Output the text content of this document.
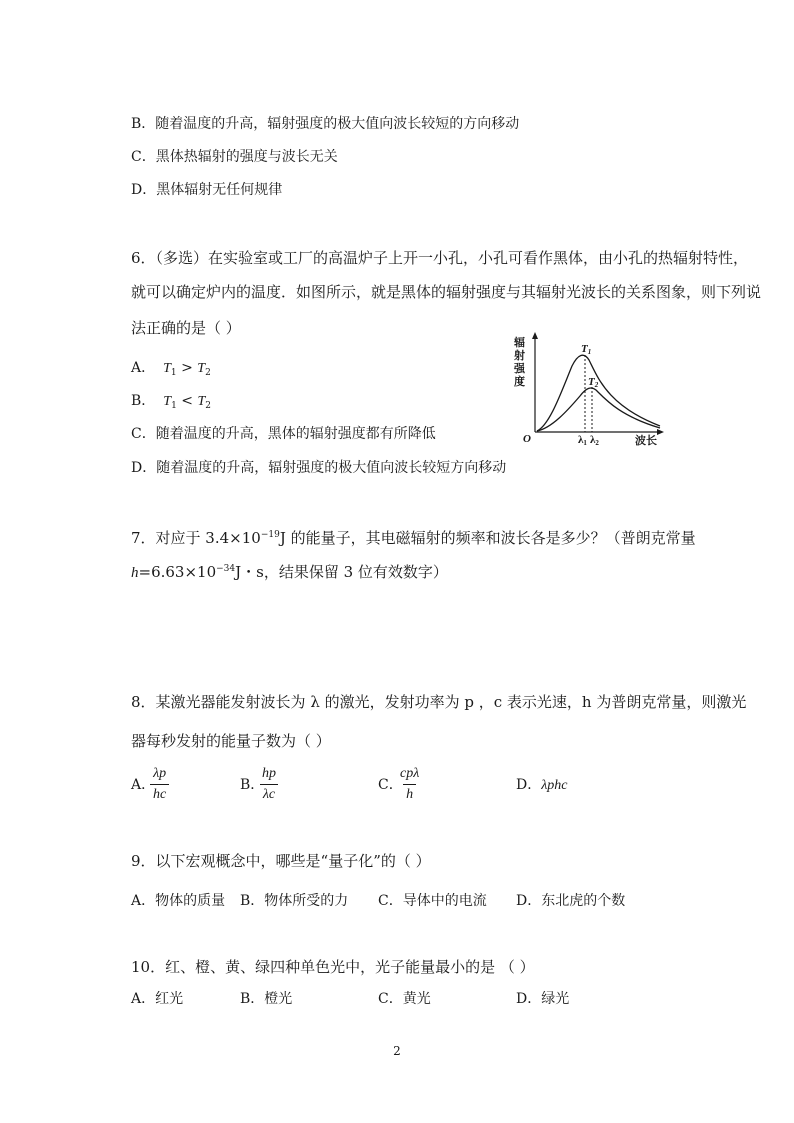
B．随着温度的升高，辐射强度的极大值向波长较短的方向移动
C．黑体热辐射的强度与波长无关
D．黑体辐射无任何规律
6．（多选）在实验室或工厂的高温炉子上开一小孔，小孔可看作黑体，由小孔的热辐射特性，
就可以确定炉内的温度．如图所示，就是黑体的辐射强度与其辐射光波长的关系图象，则下列说
法正确的是（ ）
A． $T_1 > T_2$
B． $T_1 < T_2$
C．随着温度的升高，黑体的辐射强度都有所降低
D．随着温度的升高，辐射强度的极大值向波长较短方向移动
辐
射
强
度
T1
T2
O	λ1 λ2	波长
7．对应于 $3.4\times 10^{-19}J$ 的能量子，其电磁辐射的频率和波长各是多少？（普朗克常量
$h=6.63\times 10^{-34}J$・s，结果保留 3 位有效数字）
8．某激光器能发射波长为 λ 的激光，发射功率为 p ，c 表示光速，h 为普朗克常量，则激光
器每秒发射的能量子数为（ ）
A．
$\frac{\lambda p}{hc}$	B．
$\frac{hp}{\lambda c}$	C．
cpλ
h
D．λphc
9．以下宏观概念中，哪些是“量子化”的（ ）
A．物体的质量 B．物体所受的力 C．导体中的电流 D．东北虎的个数
10．红、橙、黄、绿四种单色光中，光子能量最小的是 （ ）
A．红光	B．橙光	C．黄光	D．绿光
2
